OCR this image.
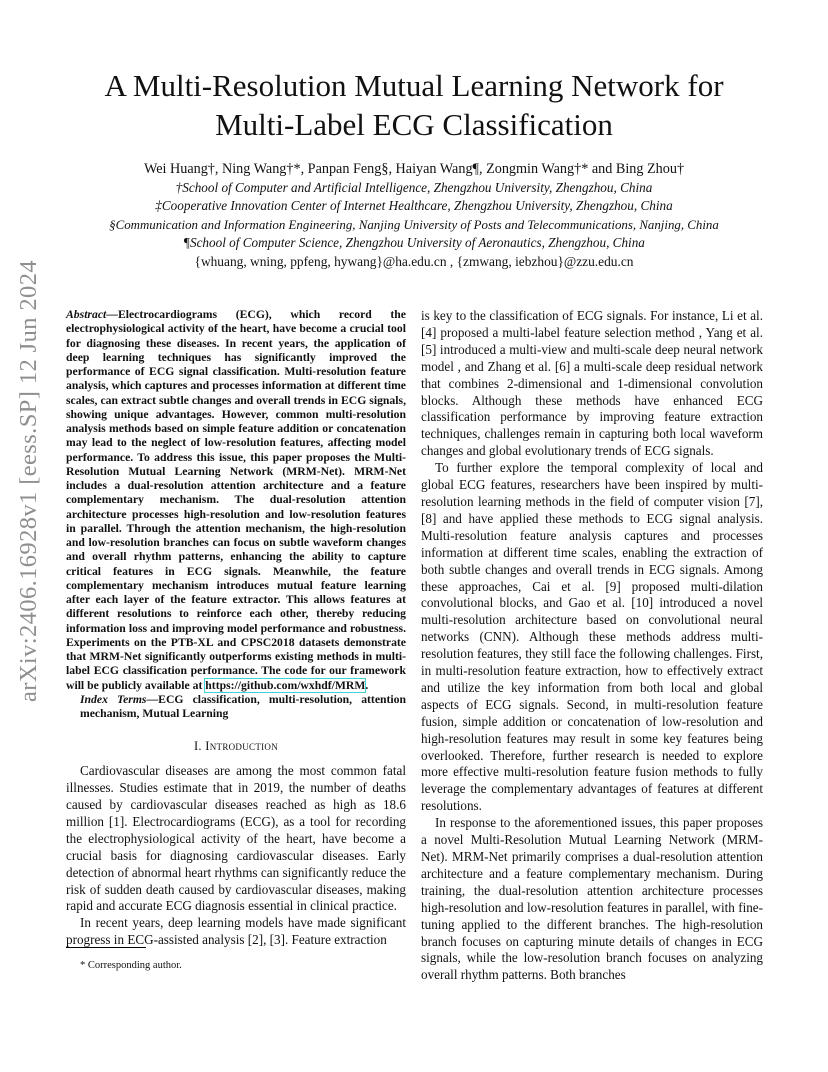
arXiv:2406.16928v1 [eess.SP] 12 Jun 2024
A Multi-Resolution Mutual Learning Network for
Multi-Label ECG Classification
Wei Huang†, Ning Wang†*, Panpan Feng§, Haiyan Wang¶, Zongmin Wang†* and Bing Zhou†
†School of Computer and Artificial Intelligence, Zhengzhou University, Zhengzhou, China
‡Cooperative Innovation Center of Internet Healthcare, Zhengzhou University, Zhengzhou, China
§Communication and Information Engineering, Nanjing University of Posts and Telecommunications, Nanjing, China
¶School of Computer Science, Zhengzhou University of Aeronautics, Zhengzhou, China
{whuang, wning, ppfeng, hywang}@ha.edu.cn , {zmwang, iebzhou}@zzu.edu.cn

Abstract—Electrocardiograms (ECG), which record the electrophysiological activity of the heart, have become a crucial tool for diagnosing these diseases. In recent years, the application of deep learning techniques has significantly improved the performance of ECG signal classification. Multi-resolution feature analysis, which captures and processes information at different time scales, can extract subtle changes and overall trends in ECG signals, showing unique advantages. However, common multi-resolution analysis methods based on simple feature addition or concatenation may lead to the neglect of low-resolution features, affecting model performance. To address this issue, this paper proposes the Multi-Resolution Mutual Learning Network (MRM-Net). MRM-Net includes a dual-resolution attention architecture and a feature complementary mechanism. The dual-resolution attention architecture processes high-resolution and low-resolution features in parallel. Through the attention mechanism, the high-resolution and low-resolution branches can focus on subtle waveform changes and overall rhythm patterns, enhancing the ability to capture critical features in ECG signals. Meanwhile, the feature complementary mechanism introduces mutual feature learning after each layer of the feature extractor. This allows features at different resolutions to reinforce each other, thereby reducing information loss and improving model performance and robustness. Experiments on the PTB-XL and CPSC2018 datasets demonstrate that MRM-Net significantly outperforms existing methods in multi-label ECG classification performance. The code for our framework will be publicly available at https://github.com/wxhdf/MRM.

Index Terms—ECG classification, multi-resolution, attention mechanism, Mutual Learning

I. Introduction

Cardiovascular diseases are among the most common fatal illnesses. Studies estimate that in 2019, the number of deaths caused by cardiovascular diseases reached as high as 18.6 million [1]. Electrocardiograms (ECG), as a tool for recording the electrophysiological activity of the heart, have become a crucial basis for diagnosing cardiovascular diseases. Early detection of abnormal heart rhythms can significantly reduce the risk of sudden death caused by cardiovascular diseases, making rapid and accurate ECG diagnosis essential in clinical practice.

In recent years, deep learning models have made significant progress in ECG-assisted analysis [2], [3]. Feature extraction

is key to the classification of ECG signals. For instance, Li et al. [4] proposed a multi-label feature selection method , Yang et al. [5] introduced a multi-view and multi-scale deep neural network model , and Zhang et al. [6] a multi-scale deep residual network that combines 2-dimensional and 1-dimensional convolution blocks. Although these methods have enhanced ECG classification performance by improving feature extraction techniques, challenges remain in capturing both local waveform changes and global evolutionary trends of ECG signals.

To further explore the temporal complexity of local and global ECG features, researchers have been inspired by multi-resolution learning methods in the field of computer vision [7], [8] and have applied these methods to ECG signal analysis. Multi-resolution feature analysis captures and processes information at different time scales, enabling the extraction of both subtle changes and overall trends in ECG signals. Among these approaches, Cai et al. [9] proposed multi-dilation convolutional blocks, and Gao et al. [10] introduced a novel multi-resolution architecture based on convolutional neural networks (CNN). Although these methods address multi-resolution features, they still face the following challenges. First, in multi-resolution feature extraction, how to effectively extract and utilize the key information from both local and global aspects of ECG signals. Second, in multi-resolution feature fusion, simple addition or concatenation of low-resolution and high-resolution features may result in some key features being overlooked. Therefore, further research is needed to explore more effective multi-resolution feature fusion methods to fully leverage the complementary advantages of features at different resolutions.

In response to the aforementioned issues, this paper proposes a novel Multi-Resolution Mutual Learning Network (MRM-Net). MRM-Net primarily comprises a dual-resolution attention architecture and a feature complementary mechanism. During training, the dual-resolution attention architecture processes high-resolution and low-resolution features in parallel, with fine-tuning applied to the different branches. The high-resolution branch focuses on capturing minute details of changes in ECG signals, while the low-resolution branch focuses on analyzing overall rhythm patterns. Both branches

* Corresponding author.
